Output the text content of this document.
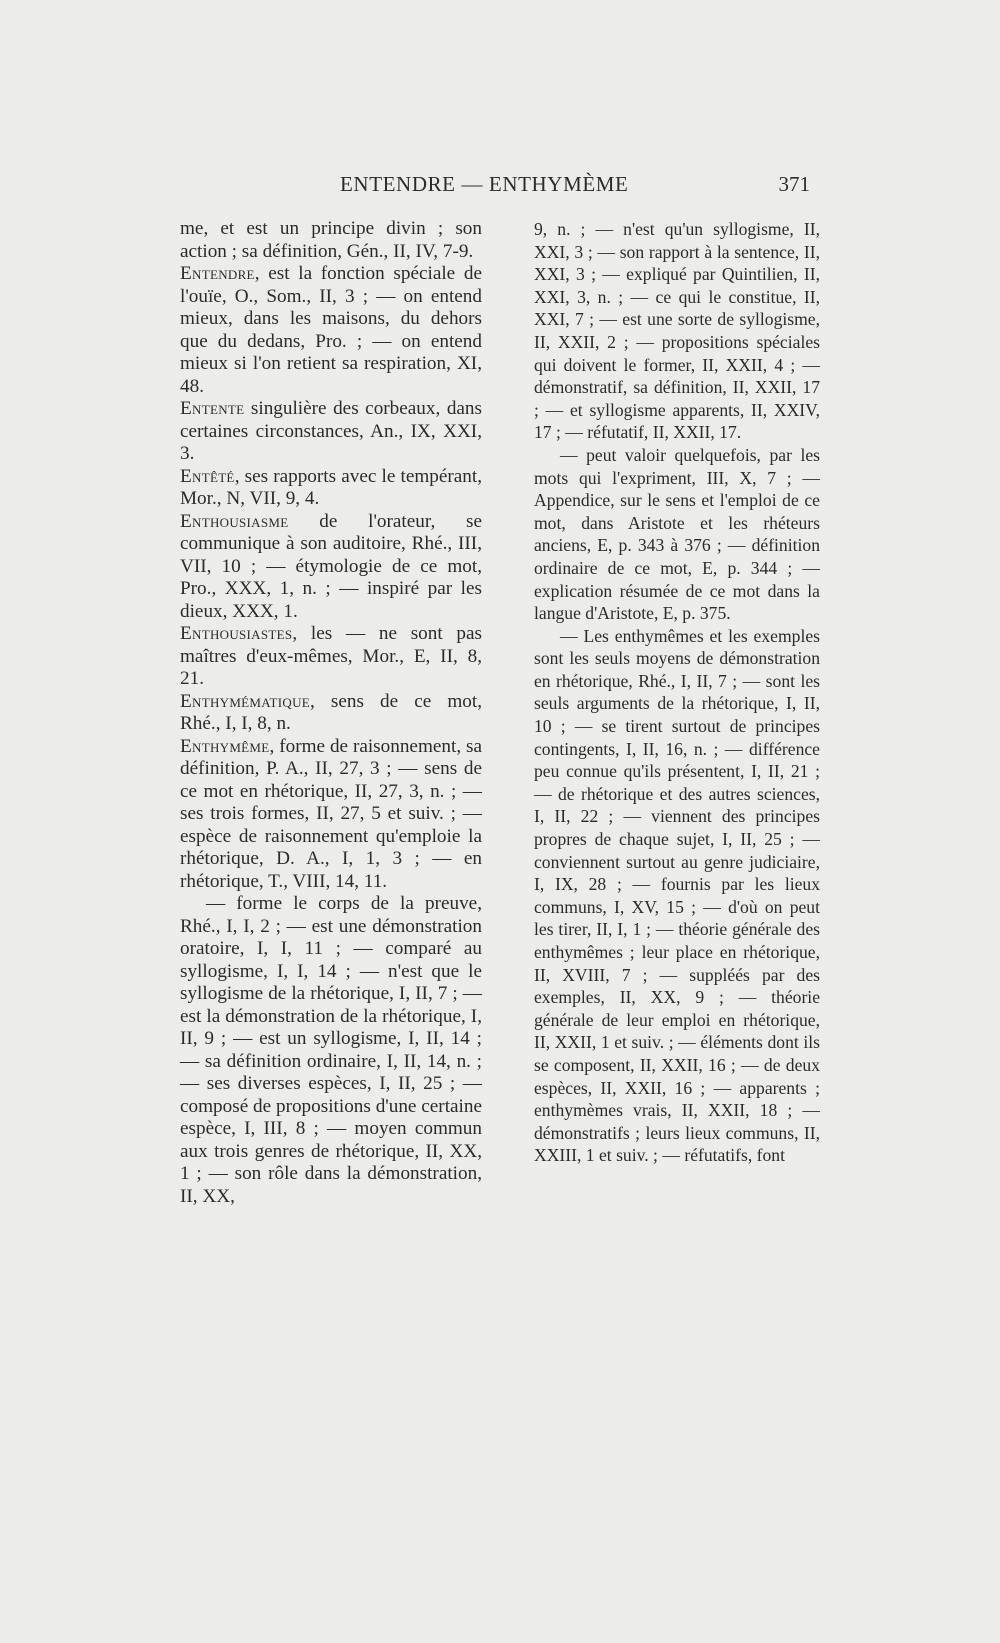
ENTENDRE — ENTHYMÈME	371

me, et est un principe divin ; son action ; sa définition, Gén., II, IV, 7-9.

Entendre, est la fonction spéciale de l'ouïe, O., Som., II, 3 ; — on entend mieux, dans les maisons, du dehors que du dedans, Pro. ; — on entend mieux si l'on retient sa respiration, XI, 48.

Entente singulière des corbeaux, dans certaines circonstances, An., IX, XXI, 3.

Entêté, ses rapports avec le tempérant, Mor., N, VII, 9, 4.

Enthousiasme de l'orateur, se communique à son auditoire, Rhé., III, VII, 10 ; — étymologie de ce mot, Pro., XXX, 1, n. ; — inspiré par les dieux, XXX, 1.

Enthousiastes, les — ne sont pas maîtres d'eux-mêmes, Mor., E, II, 8, 21.

Enthymématique, sens de ce mot, Rhé., I, I, 8, n.

Enthymême, forme de raisonnement, sa définition, P. A., II, 27, 3 ; — sens de ce mot en rhétorique, II, 27, 3, n. ; — ses trois formes, II, 27, 5 et suiv. ; — espèce de raisonnement qu'emploie la rhétorique, D. A., I, 1, 3 ; — en rhétorique, T., VIII, 14, 11.

— forme le corps de la preuve, Rhé., I, I, 2 ; — est une démonstration oratoire, I, I, 11 ; — comparé au syllogisme, I, I, 14 ; — n'est que le syllogisme de la rhétorique, I, II, 7 ; — est la démonstration de la rhétorique, I, II, 9 ; — est un syllogisme, I, II, 14 ; — sa définition ordinaire, I, II, 14, n. ; — ses diverses espèces, I, II, 25 ; — composé de propositions d'une certaine espèce, I, III, 8 ; — moyen commun aux trois genres de rhétorique, II, XX, 1 ; — son rôle dans la démonstration, II, XX,

9, n. ; — n'est qu'un syllogisme, II, XXI, 3 ; — son rapport à la sentence, II, XXI, 3 ; — expliqué par Quintilien, II, XXI, 3, n. ; — ce qui le constitue, II, XXI, 7 ; — est une sorte de syllogisme, II, XXII, 2 ; — propositions spéciales qui doivent le former, II, XXII, 4 ; — démonstratif, sa définition, II, XXII, 17 ; — et syllogisme apparents, II, XXIV, 17 ; — réfutatif, II, XXII, 17.

— peut valoir quelquefois, par les mots qui l'expriment, III, X, 7 ; — Appendice, sur le sens et l'emploi de ce mot, dans Aristote et les rhéteurs anciens, E, p. 343 à 376 ; — définition ordinaire de ce mot, E, p. 344 ; — explication résumée de ce mot dans la langue d'Aristote, E, p. 375.

— Les enthymêmes et les exemples sont les seuls moyens de démonstration en rhétorique, Rhé., I, II, 7 ; — sont les seuls arguments de la rhétorique, I, II, 10 ; — se tirent surtout de principes contingents, I, II, 16, n. ; — différence peu connue qu'ils présentent, I, II, 21 ; — de rhétorique et des autres sciences, I, II, 22 ; — viennent des principes propres de chaque sujet, I, II, 25 ; — conviennent surtout au genre judiciaire, I, IX, 28 ; — fournis par les lieux communs, I, XV, 15 ; — d'où on peut les tirer, II, I, 1 ; — théorie générale des enthymêmes ; leur place en rhétorique, II, XVIII, 7 ; — suppléés par des exemples, II, XX, 9 ; — théorie générale de leur emploi en rhétorique, II, XXII, 1 et suiv. ; — éléments dont ils se composent, II, XXII, 16 ; — de deux espèces, II, XXII, 16 ; — apparents ; enthymèmes vrais, II, XXII, 18 ; — démonstratifs ; leurs lieux communs, II, XXIII, 1 et suiv. ; — réfutatifs, font
